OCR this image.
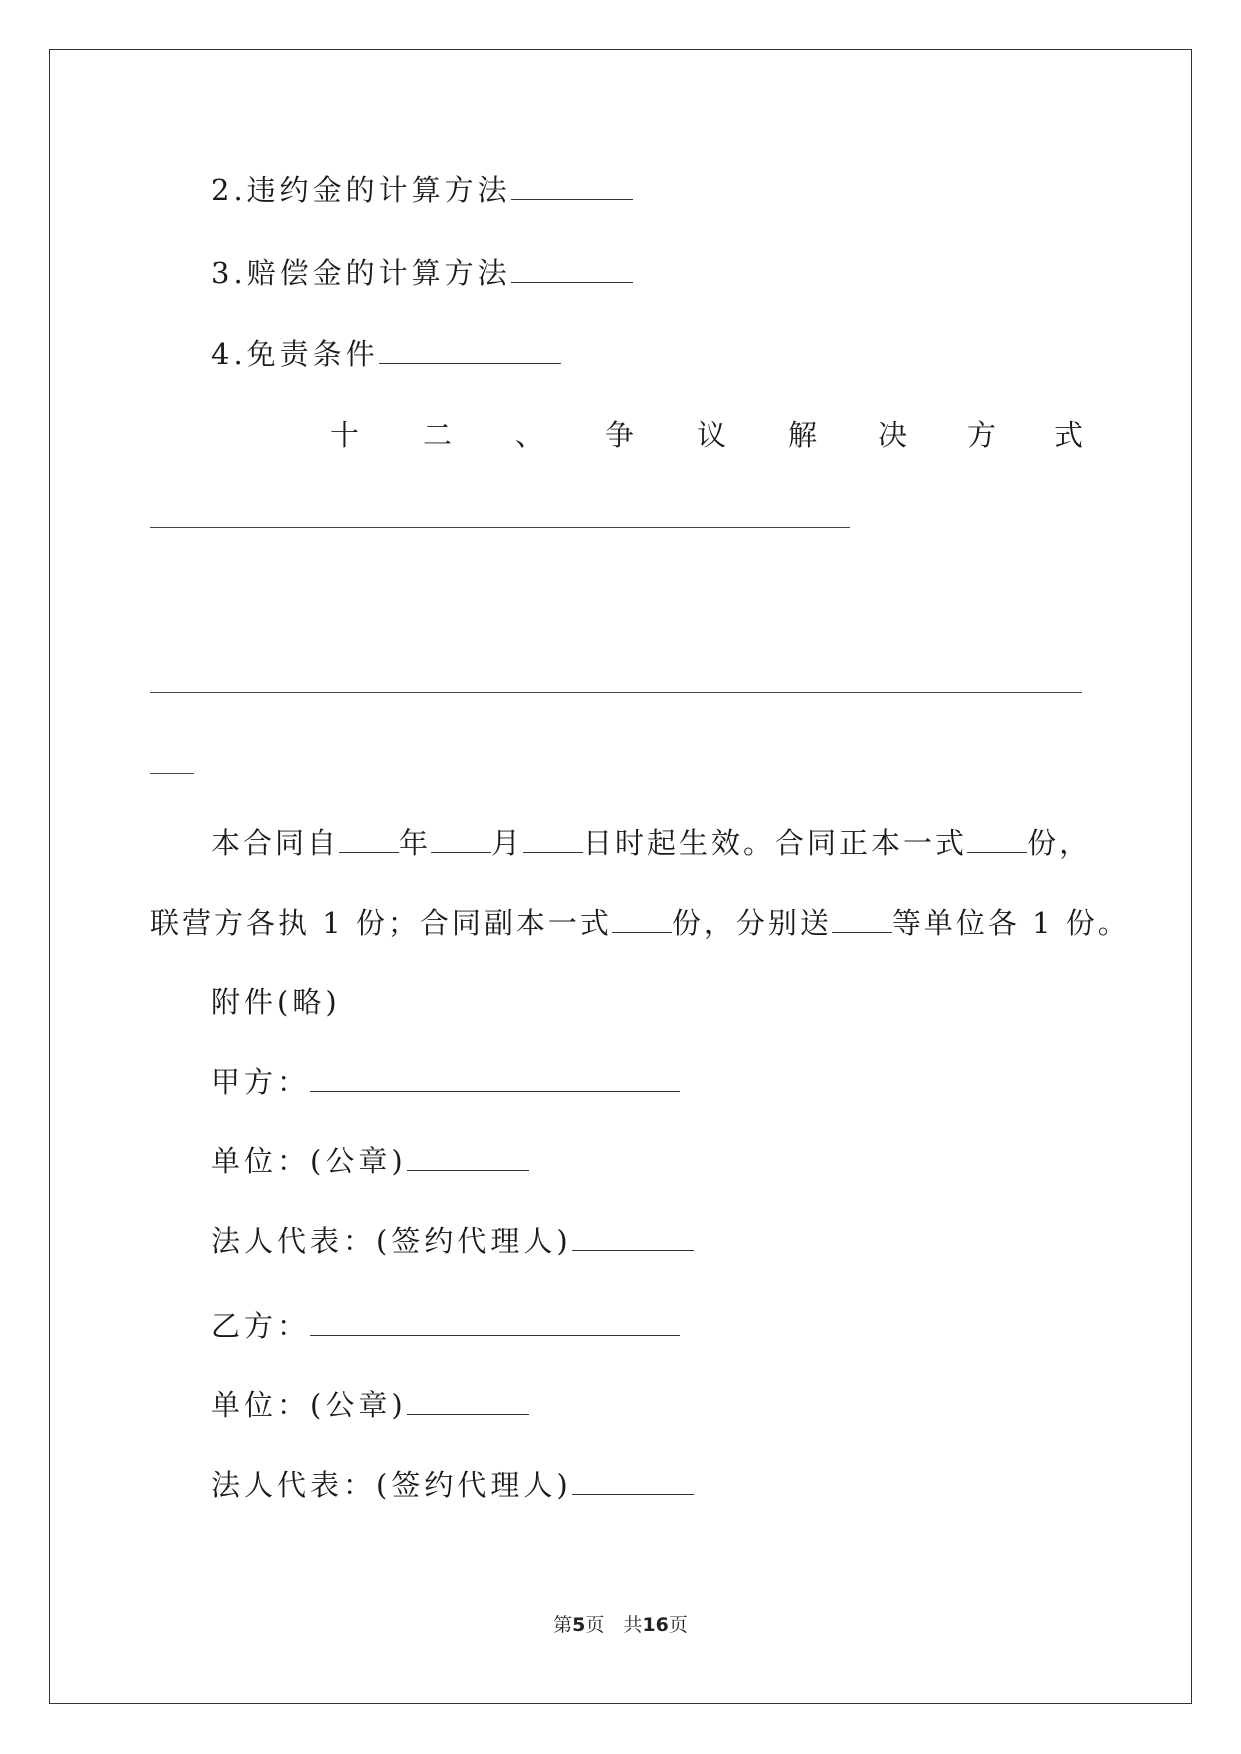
2.违约金的计算方法
3.赔偿金的计算方法
4.免责条件
十 二 、 争 议 解 决 方 式
本合同自 年 月 日时起生效。合同正本一式 份，
联营方各执 1 份；合同副本一式 份，分别送 等单位各 1 份。
附件(略)
甲方：
单位：(公章)
法人代表：(签约代理人)
乙方：
单位：(公章)
法人代表：(签约代理人)
第5页　共16页
